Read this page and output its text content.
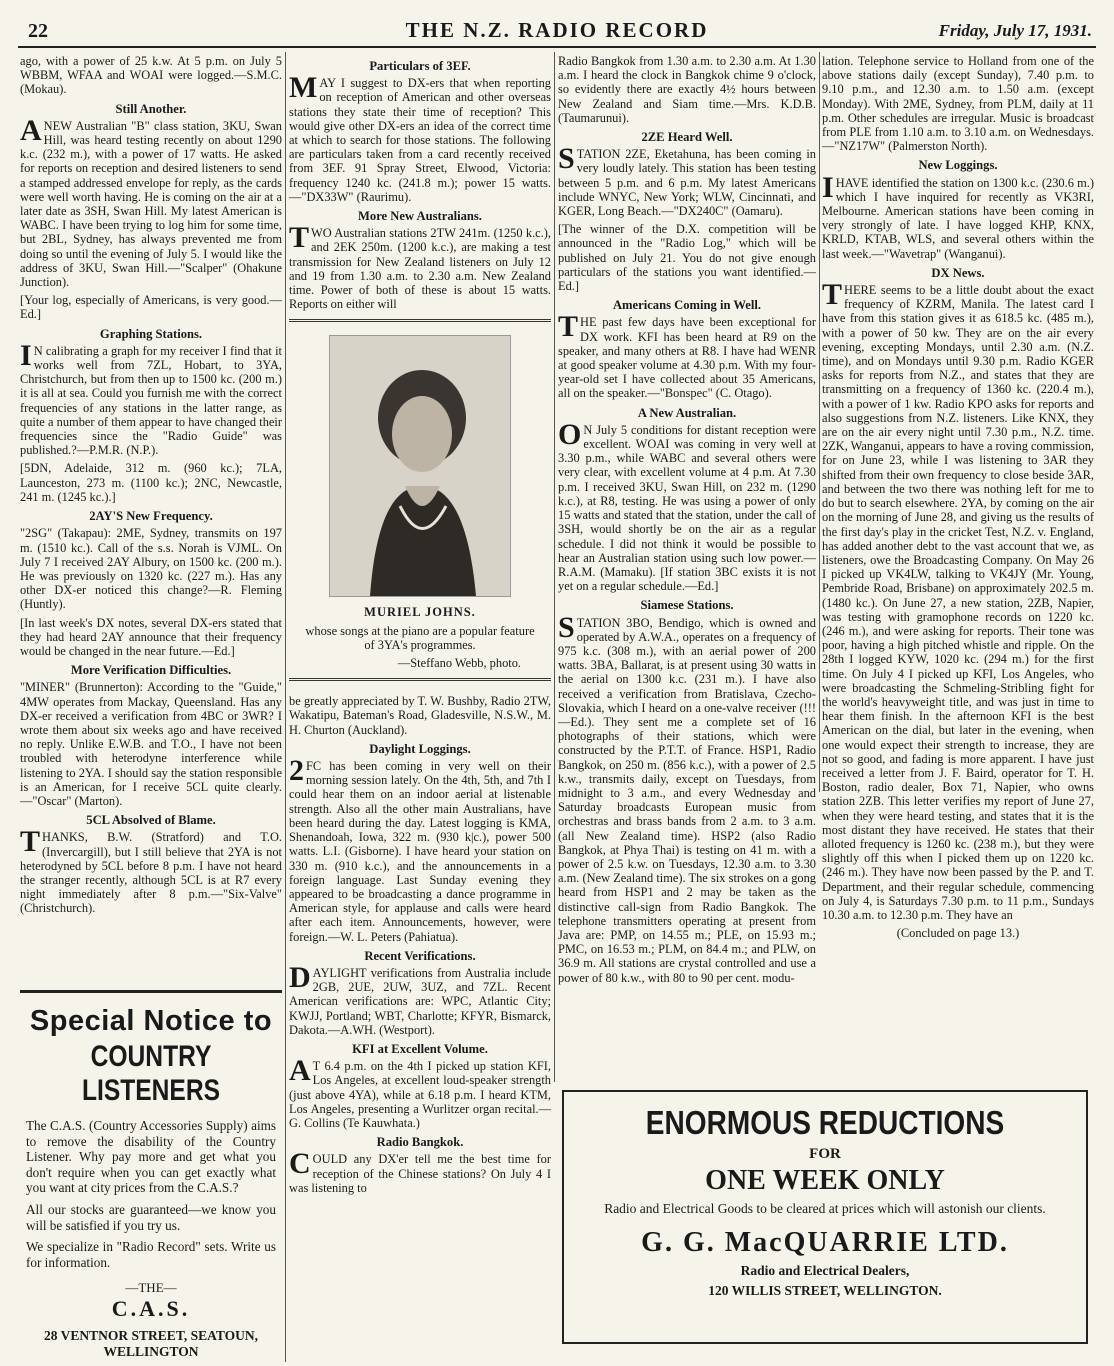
22	THE N.Z. RADIO RECORD	Friday, July 17, 1931.

ago, with a power of 25 k.w. At 5 p.m. on July 5 WBBM, WFAA and WOAI were logged.—S.M.C. (Mokau).

Still Another.

ANEW Australian "B" class station, 3KU, Swan Hill, was heard testing recently on about 1290 k.c. (232 m.), with a power of 17 watts. He asked for reports on reception and desired listeners to send a stamped addressed envelope for reply, as the cards were well worth having. He is coming on the air at a later date as 3SH, Swan Hill. My latest American is WABC. I have been trying to log him for some time, but 2BL, Sydney, has always prevented me from doing so until the evening of July 5. I would like the address of 3KU, Swan Hill.—"Scalper" (Ohakune Junction).

[Your log, especially of Americans, is very good.—Ed.]

Graphing Stations.

IN calibrating a graph for my receiver I find that it works well from 7ZL, Hobart, to 3YA, Christchurch, but from then up to 1500 kc. (200 m.) it is all at sea. Could you furnish me with the correct frequencies of any stations in the latter range, as quite a number of them appear to have changed their frequencies since the "Radio Guide" was published.?—P.M.R. (N.P.).

[5DN, Adelaide, 312 m. (960 kc.); 7LA, Launceston, 273 m. (1100 kc.); 2NC, Newcastle, 241 m. (1245 kc.).]

2AY'S New Frequency.

"2SG" (Takapau): 2ME, Sydney, transmits on 197 m. (1510 kc.). Call of the s.s. Norah is VJML. On July 7 I received 2AY Albury, on 1500 kc. (200 m.). He was previously on 1320 kc. (227 m.). Has any other DX-er noticed this change?—R. Fleming (Huntly).

[In last week's DX notes, several DX-ers stated that they had heard 2AY announce that their frequency would be changed in the near future.—Ed.]

More Verification Difficulties.

"MINER" (Brunnerton): According to the "Guide," 4MW operates from Mackay, Queensland. Has any DX-er received a verification from 4BC or 3WR? I wrote them about six weeks ago and have received no reply. Unlike E.W.B. and T.O., I have not been troubled with heterodyne interference while listening to 2YA. I should say the station responsible is an American, for I receive 5CL quite clearly.—"Oscar" (Marton).

5CL Absolved of Blame.

THANKS, B.W. (Stratford) and T.O. (Invercargill), but I still believe that 2YA is not heterodyned by 5CL before 8 p.m. I have not heard the stranger recently, although 5CL is at R7 every night immediately after 8 p.m.—"Six-Valve" (Christchurch).

Special Notice to
COUNTRY LISTENERS
The C.A.S. (Country Accessories Supply) aims to remove the disability of the Country Listener. Why pay more and get what you don't require when you can get exactly what you want at city prices from the C.A.S.?
All our stocks are guaranteed—we know you will be satisfied if you try us.
We specialize in "Radio Record" sets. Write us for information.
—THE—
C.A.S.
28 VENTNOR STREET, SEATOUN, WELLINGTON
Particulars of 3EF.

MAY I suggest to DX-ers that when reporting on reception of American and other overseas stations they state their time of reception? This would give other DX-ers an idea of the correct time at which to search for those stations. The following are particulars taken from a card recently received from 3EF. 91 Spray Street, Elwood, Victoria: frequency 1240 kc. (241.8 m.); power 15 watts.—"DX33W" (Raurimu).

More New Australians.

TWO Australian stations 2TW 241m. (1250 k.c.), and 2EK 250m. (1200 k.c.), are making a test transmission for New Zealand listeners on July 12 and 19 from 1.30 a.m. to 2.30 a.m. New Zealand time. Power of both of these is about 15 watts. Reports on either will

MURIEL JOHNS.
whose songs at the piano are a popular feature of 3YA's programmes.
—Steffano Webb, photo.

be greatly appreciated by T. W. Bushby, Radio 2TW, Wakatipu, Bateman's Road, Gladesville, N.S.W., M. H. Churton (Auckland).

Daylight Loggings.

2FC has been coming in very well on their morning session lately. On the 4th, 5th, and 7th I could hear them on an indoor aerial at listenable strength. Also all the other main Australians, have been heard during the day. Latest logging is KMA, Shenandoah, Iowa, 322 m. (930 k|c.), power 500 watts. L.I. (Gisborne). I have heard your station on 330 m. (910 k.c.), and the announcements in a foreign language. Last Sunday evening they appeared to be broadcasting a dance programme in American style, for applause and calls were heard after each item. Announcements, however, were foreign.—W. L. Peters (Pahiatua).

Recent Verifications.

DAYLIGHT verifications from Australia include 2GB, 2UE, 2UW, 3UZ, and 7ZL. Recent American verifications are: WPC, Atlantic City; KWJJ, Portland; WBT, Charlotte; KFYR, Bismarck, Dakota.—A.WH. (Westport).

KFI at Excellent Volume.

AT 6.4 p.m. on the 4th I picked up station KFI, Los Angeles, at excellent loud-speaker strength (just above 4YA), while at 6.18 p.m. I heard KTM, Los Angeles, presenting a Wurlitzer organ recital.—G. Collins (Te Kauwhata.)

Radio Bangkok.

COULD any DX'er tell me the best time for reception of the Chinese stations? On July 4 I was listening to

Radio Bangkok from 1.30 a.m. to 2.30 a.m. At 1.30 a.m. I heard the clock in Bangkok chime 9 o'clock, so evidently there are exactly 4½ hours between New Zealand and Siam time.—Mrs. K.D.B. (Taumarunui).

2ZE Heard Well.

STATION 2ZE, Eketahuna, has been coming in very loudly lately. This station has been testing between 5 p.m. and 6 p.m. My latest Americans include WNYC, New York; WLW, Cincinnati, and KGER, Long Beach.—"DX240C" (Oamaru).

[The winner of the D.X. competition will be announced in the "Radio Log," which will be published on July 21. You do not give enough particulars of the stations you want identified.—Ed.]

Americans Coming in Well.

THE past few days have been exceptional for DX work. KFI has been heard at R9 on the speaker, and many others at R8. I have had WENR at good speaker volume at 4.30 p.m. With my four-year-old set I have collected about 35 Americans, all on the speaker.—"Bonspec" (C. Otago).

A New Australian.

ON July 5 conditions for distant reception were excellent. WOAI was coming in very well at 3.30 p.m., while WABC and several others were very clear, with excellent volume at 4 p.m. At 7.30 p.m. I received 3KU, Swan Hill, on 232 m. (1290 k.c.), at R8, testing. He was using a power of only 15 watts and stated that the station, under the call of 3SH, would shortly be on the air as a regular schedule. I did not think it would be possible to hear an Australian station using such low power.—R.A.M. (Mamaku). [If station 3BC exists it is not yet on a regular schedule.—Ed.]

Siamese Stations.

STATION 3BO, Bendigo, which is owned and operated by A.W.A., operates on a frequency of 975 k.c. (308 m.), with an aerial power of 200 watts. 3BA, Ballarat, is at present using 30 watts in the aerial on 1300 k.c. (231 m.). I have also received a verification from Bratislava, Czecho-Slovakia, which I heard on a one-valve receiver (!!!—Ed.). They sent me a complete set of 16 photographs of their stations, which were constructed by the P.T.T. of France. HSP1, Radio Bangkok, on 250 m. (856 k.c.), with a power of 2.5 k.w., transmits daily, except on Tuesdays, from midnight to 3 a.m., and every Wednesday and Saturday broadcasts European music from orchestras and brass bands from 2 a.m. to 3 a.m. (all New Zealand time). HSP2 (also Radio Bangkok, at Phya Thai) is testing on 41 m. with a power of 2.5 k.w. on Tuesdays, 12.30 a.m. to 3.30 a.m. (New Zealand time). The six strokes on a gong heard from HSP1 and 2 may be taken as the distinctive call-sign from Radio Bangkok. The telephone transmitters operating at present from Java are: PMP, on 14.55 m.; PLE, on 15.93 m.; PMC, on 16.53 m.; PLM, on 84.4 m.; and PLW, on 36.9 m. All stations are crystal controlled and use a power of 80 k.w., with 80 to 90 per cent. modu-

lation. Telephone service to Holland from one of the above stations daily (except Sunday), 7.40 p.m. to 9.10 p.m., and 12.30 a.m. to 1.50 a.m. (except Monday). With 2ME, Sydney, from PLM, daily at 11 p.m. Other schedules are irregular. Music is broadcast from PLE from 1.10 a.m. to 3.10 a.m. on Wednesdays.—"NZ17W" (Palmerston North).

New Loggings.

IHAVE identified the station on 1300 k.c. (230.6 m.) which I have inquired for recently as VK3RI, Melbourne. American stations have been coming in very strongly of late. I have logged KHP, KNX, KRLD, KTAB, WLS, and several others within the last week.—"Wavetrap" (Wanganui).

DX News.

THERE seems to be a little doubt about the exact frequency of KZRM, Manila. The latest card I have from this station gives it as 618.5 kc. (485 m.), with a power of 50 kw. They are on the air every evening, excepting Mondays, until 2.30 a.m. (N.Z. time), and on Mondays until 9.30 p.m. Radio KGER asks for reports from N.Z., and states that they are transmitting on a frequency of 1360 kc. (220.4 m.), with a power of 1 kw. Radio KPO asks for reports and also suggestions from N.Z. listeners. Like KNX, they are on the air every night until 7.30 p.m., N.Z. time. 2ZK, Wanganui, appears to have a roving commission, for on June 23, while I was listening to 3AR they shifted from their own frequency to close beside 3AR, and between the two there was nothing left for me to do but to search elsewhere. 2YA, by coming on the air on the morning of June 28, and giving us the results of the first day's play in the cricket Test, N.Z. v. England, has added another debt to the vast account that we, as listeners, owe the Broadcasting Company. On May 26 I picked up VK4LW, talking to VK4JY (Mr. Young, Pembride Road, Brisbane) on approximately 202.5 m. (1480 kc.). On June 27, a new station, 2ZB, Napier, was testing with gramophone records on 1220 kc. (246 m.), and were asking for reports. Their tone was poor, having a high pitched whistle and ripple. On the 28th I logged KYW, 1020 kc. (294 m.) for the first time. On July 4 I picked up KFI, Los Angeles, who were broadcasting the Schmeling-Stribling fight for the world's heavyweight title, and was just in time to hear them finish. In the afternoon KFI is the best American on the dial, but later in the evening, when one would expect their strength to increase, they are not so good, and fading is more apparent. I have just received a letter from J. F. Baird, operator for T. H. Boston, radio dealer, Box 71, Napier, who owns station 2ZB. This letter verifies my report of June 27, when they were heard testing, and states that it is the most distant they have received. He states that their alloted frequency is 1260 kc. (238 m.), but they were slightly off this when I picked them up on 1220 kc. (246 m.). They have now been passed by the P. and T. Department, and their regular schedule, commencing on July 4, is Saturdays 7.30 p.m. to 11 p.m., Sundays 10.30 a.m. to 12.30 p.m. They have an

(Concluded on page 13.)
ENORMOUS REDUCTIONS
FOR
ONE WEEK ONLY
Radio and Electrical Goods to be cleared at prices which will astonish our clients.
G. G. MacQUARRIE LTD.
Radio and Electrical Dealers,
120 WILLIS STREET, WELLINGTON.
